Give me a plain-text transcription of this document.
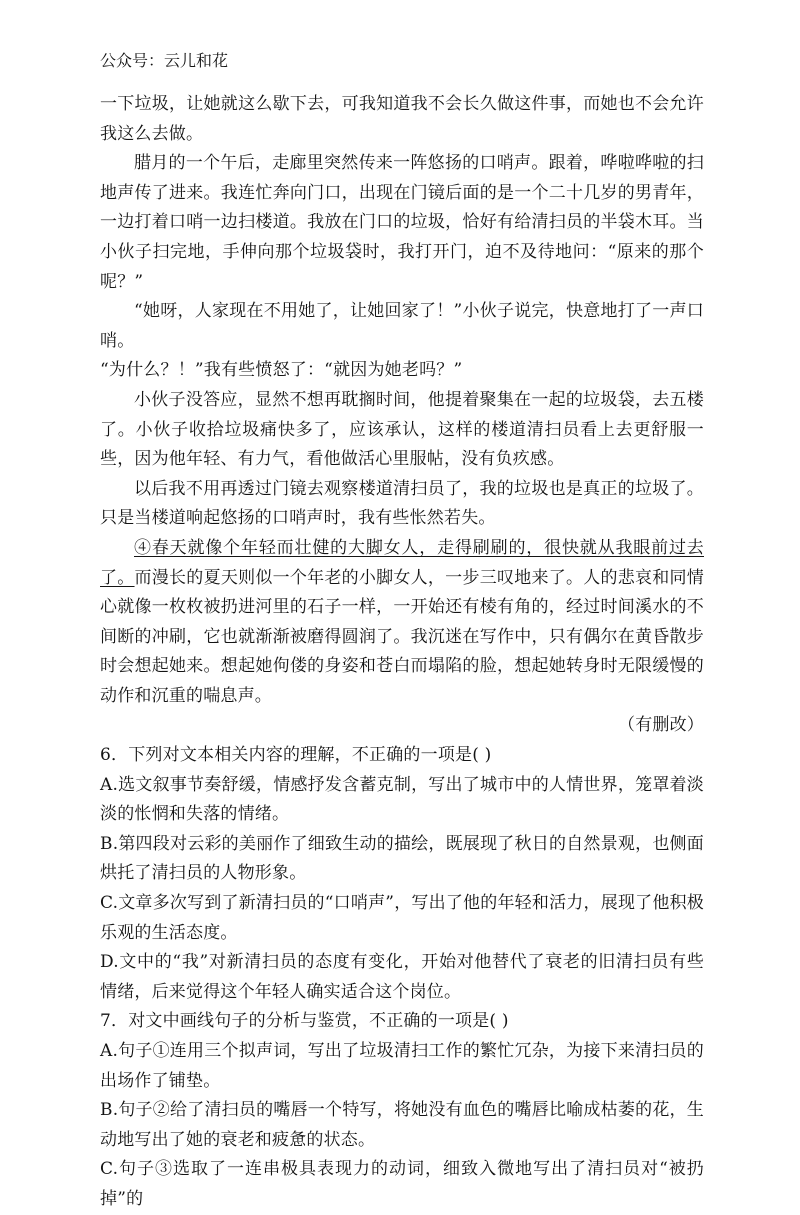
公众号：云儿和花

一下垃圾，让她就这么歇下去，可我知道我不会长久做这件事，而她也不会允许我这么去做。

腊月的一个午后，走廊里突然传来一阵悠扬的口哨声。跟着，哗啦哗啦的扫地声传了进来。我连忙奔向门口，出现在门镜后面的是一个二十几岁的男青年，一边打着口哨一边扫楼道。我放在门口的垃圾，恰好有给清扫员的半袋木耳。当小伙子扫完地，手伸向那个垃圾袋时，我打开门，迫不及待地问：“原来的那个呢？”

“她呀，人家现在不用她了，让她回家了！”小伙子说完，快意地打了一声口哨。

“为什么？！”我有些愤怒了：“就因为她老吗？”

小伙子没答应，显然不想再耽搁时间，他提着聚集在一起的垃圾袋，去五楼了。小伙子收拾垃圾痛快多了，应该承认，这样的楼道清扫员看上去更舒服一些，因为他年轻、有力气，看他做活心里服帖，没有负疚感。

以后我不用再透过门镜去观察楼道清扫员了，我的垃圾也是真正的垃圾了。只是当楼道响起悠扬的口哨声时，我有些怅然若失。

④春天就像个年轻而壮健的大脚女人，走得刷刷的，很快就从我眼前过去了。而漫长的夏天则似一个年老的小脚女人，一步三叹地来了。人的悲哀和同情心就像一枚枚被扔进河里的石子一样，一开始还有棱有角的，经过时间溪水的不间断的冲刷，它也就渐渐被磨得圆润了。我沉迷在写作中，只有偶尔在黄昏散步时会想起她来。想起她佝偻的身姿和苍白而塌陷的脸，想起她转身时无限缓慢的动作和沉重的喘息声。

（有删改）

6．下列对文本相关内容的理解，不正确的一项是( )

A.选文叙事节奏舒缓，情感抒发含蓄克制，写出了城市中的人情世界，笼罩着淡淡的怅惘和失落的情绪。

B.第四段对云彩的美丽作了细致生动的描绘，既展现了秋日的自然景观，也侧面烘托了清扫员的人物形象。

C.文章多次写到了新清扫员的“口哨声”，写出了他的年轻和活力，展现了他积极乐观的生活态度。

D.文中的“我”对新清扫员的态度有变化，开始对他替代了衰老的旧清扫员有些情绪，后来觉得这个年轻人确实适合这个岗位。

7．对文中画线句子的分析与鉴赏，不正确的一项是( )

A.句子①连用三个拟声词，写出了垃圾清扫工作的繁忙冗杂，为接下来清扫员的出场作了铺垫。

B.句子②给了清扫员的嘴唇一个特写，将她没有血色的嘴唇比喻成枯萎的花，生动地写出了她的衰老和疲惫的状态。

C.句子③选取了一连串极具表现力的动词，细致入微地写出了清扫员对“被扔掉”的
